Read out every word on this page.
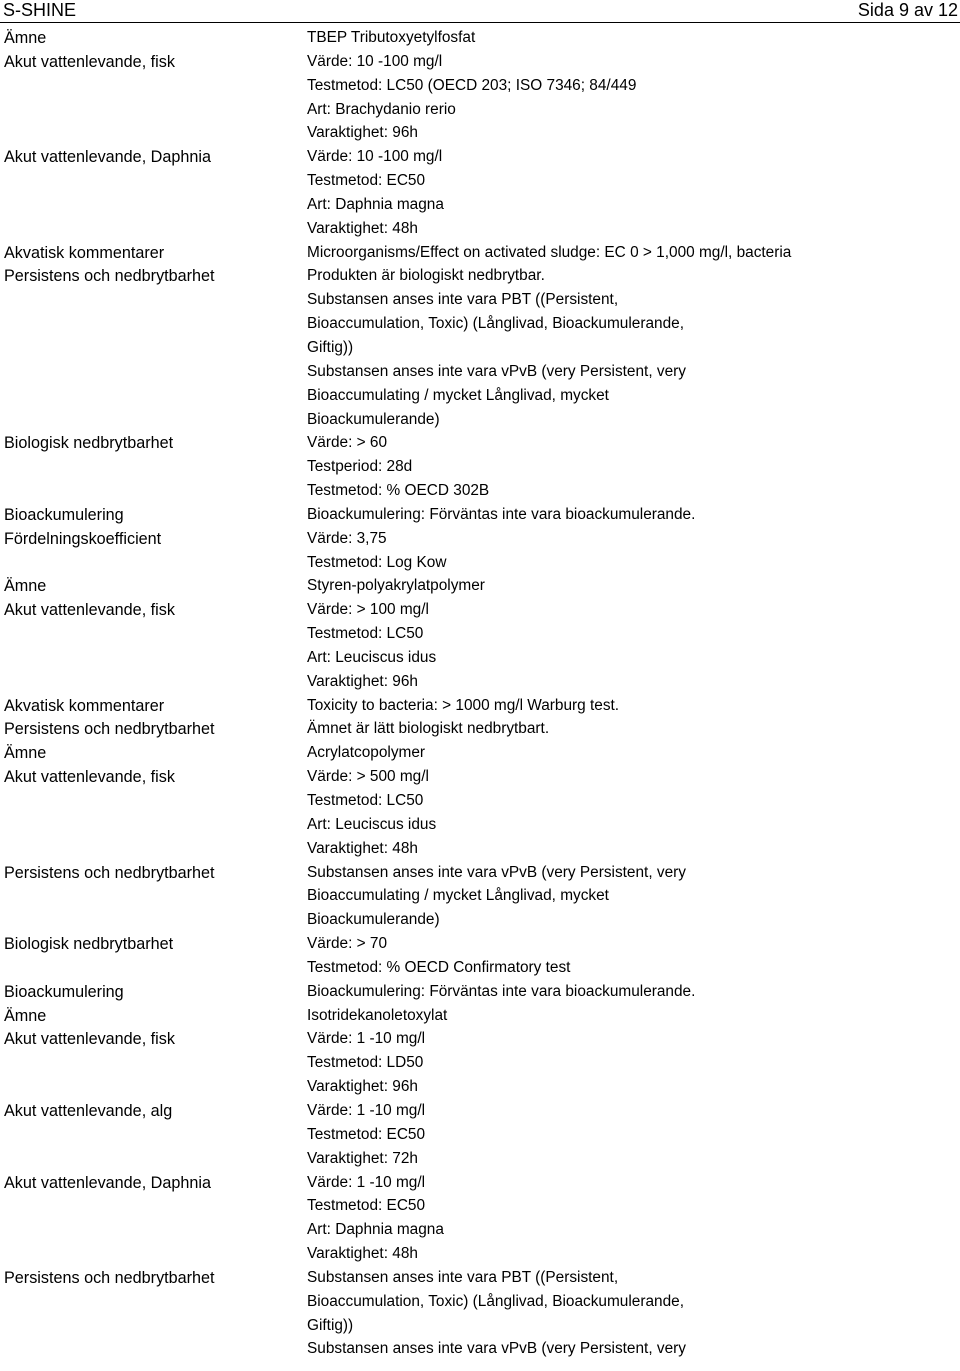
S-SHINE	Sida 9 av 12
Ämne	TBEP Tributoxyetylfosfat
Akut vattenlevande, fisk	Värde: 10 -100 mg/l
Testmetod: LC50 (OECD 203; ISO 7346; 84/449
Art: Brachydanio rerio
Varaktighet: 96h
Akut vattenlevande, Daphnia	Värde: 10 -100 mg/l
Testmetod: EC50
Art: Daphnia magna
Varaktighet: 48h
Akvatisk kommentarer	Microorganisms/Effect on activated sludge: EC 0 > 1,000 mg/l, bacteria
Persistens och nedbrytbarhet	Produkten är biologiskt nedbrytbar.
Substansen anses inte vara PBT ((Persistent,
Bioaccumulation, Toxic) (Långlivad, Bioackumulerande,
Giftig))
Substansen anses inte vara vPvB (very Persistent, very
Bioaccumulating / mycket Långlivad, mycket
Bioackumulerande)
Biologisk nedbrytbarhet	Värde: > 60
Testperiod: 28d
Testmetod: % OECD 302B
Bioackumulering	Bioackumulering: Förväntas inte vara bioackumulerande.
Fördelningskoefficient	Värde: 3,75
Testmetod: Log Kow
Ämne	Styren-polyakrylatpolymer
Akut vattenlevande, fisk	Värde: > 100 mg/l
Testmetod: LC50
Art: Leuciscus idus
Varaktighet: 96h
Akvatisk kommentarer	Toxicity to bacteria: > 1000 mg/l Warburg test.
Persistens och nedbrytbarhet	Ämnet är lätt biologiskt nedbrytbart.
Ämne	Acrylatcopolymer
Akut vattenlevande, fisk	Värde: > 500 mg/l
Testmetod: LC50
Art: Leuciscus idus
Varaktighet: 48h
Persistens och nedbrytbarhet	Substansen anses inte vara vPvB (very Persistent, very
Bioaccumulating / mycket Långlivad, mycket
Bioackumulerande)
Biologisk nedbrytbarhet	Värde: > 70
Testmetod: % OECD Confirmatory test
Bioackumulering	Bioackumulering: Förväntas inte vara bioackumulerande.
Ämne	Isotridekanoletoxylat
Akut vattenlevande, fisk	Värde: 1 -10 mg/l
Testmetod: LD50
Varaktighet: 96h
Akut vattenlevande, alg	Värde: 1 -10 mg/l
Testmetod: EC50
Varaktighet: 72h
Akut vattenlevande, Daphnia	Värde: 1 -10 mg/l
Testmetod: EC50
Art: Daphnia magna
Varaktighet: 48h
Persistens och nedbrytbarhet	Substansen anses inte vara PBT ((Persistent,
Bioaccumulation, Toxic) (Långlivad, Bioackumulerande,
Giftig))
Substansen anses inte vara vPvB (very Persistent, very
